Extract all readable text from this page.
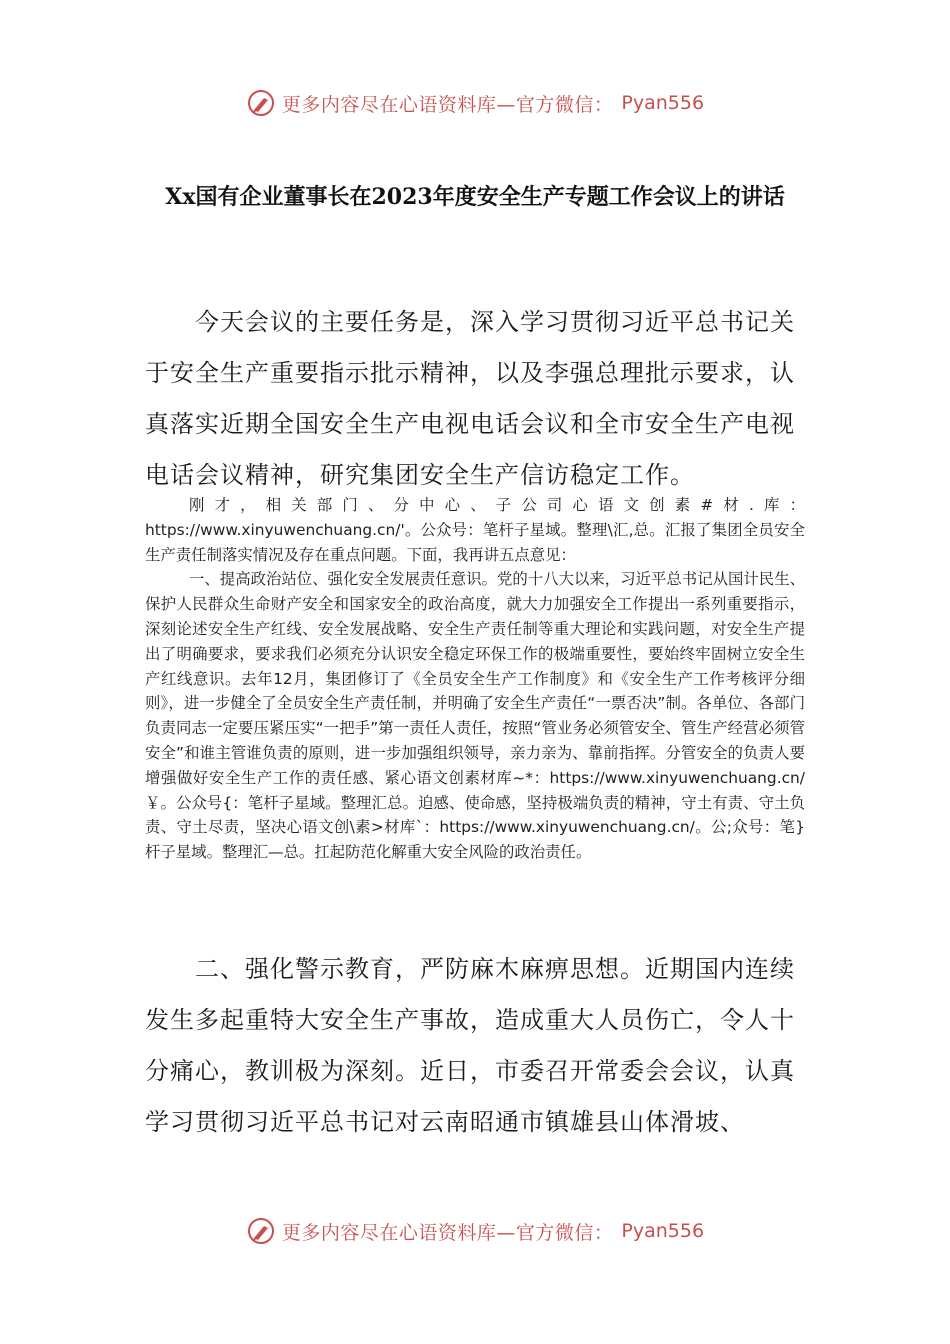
更多内容尽在心语资料库—官方微信： Pyan556
Xx国有企业董事长在2023年度安全生产专题工作会议上的讲话

今天会议的主要任务是，深入学习贯彻习近平总书记关于安全生产重要指示批示精神，以及李强总理批示要求，认真落实近期全国安全生产电视电话会议和全市安全生产电视电话会议精神，研究集团安全生产信访稳定工作。

刚才，相关部门、分中心、子公司心语文创素#材.库：https://www.xinyuwenchuang.cn/'。公众号：笔杆子星域。整理\汇,总。汇报了集团全员安全生产责任制落实情况及存在重点问题。下面，我再讲五点意见：

一、提高政治站位、强化安全发展责任意识。党的十八大以来，习近平总书记从国计民生、保护人民群众生命财产安全和国家安全的政治高度，就大力加强安全工作提出一系列重要指示，深刻论述安全生产红线、安全发展战略、安全生产责任制等重大理论和实践问题，对安全生产提出了明确要求，要求我们必须充分认识安全稳定环保工作的极端重要性，要始终牢固树立安全生产红线意识。去年12月，集团修订了《全员安全生产工作制度》和《安全生产工作考核评分细则》，进一步健全了全员安全生产责任制，并明确了安全生产责任“一票否决”制。各单位、各部门负责同志一定要压紧压实“一把手”第一责任人责任，按照“管业务必须管安全、管生产经营必须管安全”和谁主管谁负责的原则，进一步加强组织领导，亲力亲为、靠前指挥。分管安全的负责人要增强做好安全生产工作的责任感、紧心语文创素材库~*：https://www.xinyuwenchuang.cn/￥。公众号{：笔杆子星域。整理汇总。迫感、使命感，坚持极端负责的精神，守土有责、守土负责、守土尽责，坚决心语文创\素>材库`：https://www.xinyuwenchuang.cn/。公;众号：笔}杆子星域。整理汇—总。扛起防范化解重大安全风险的政治责任。

二、强化警示教育，严防麻木麻痹思想。近期国内连续发生多起重特大安全生产事故，造成重大人员伤亡，令人十分痛心，教训极为深刻。近日，市委召开常委会会议，认真学习贯彻习近平总书记对云南昭通市镇雄县山体滑坡、

更多内容尽在心语资料库—官方微信： Pyan556
